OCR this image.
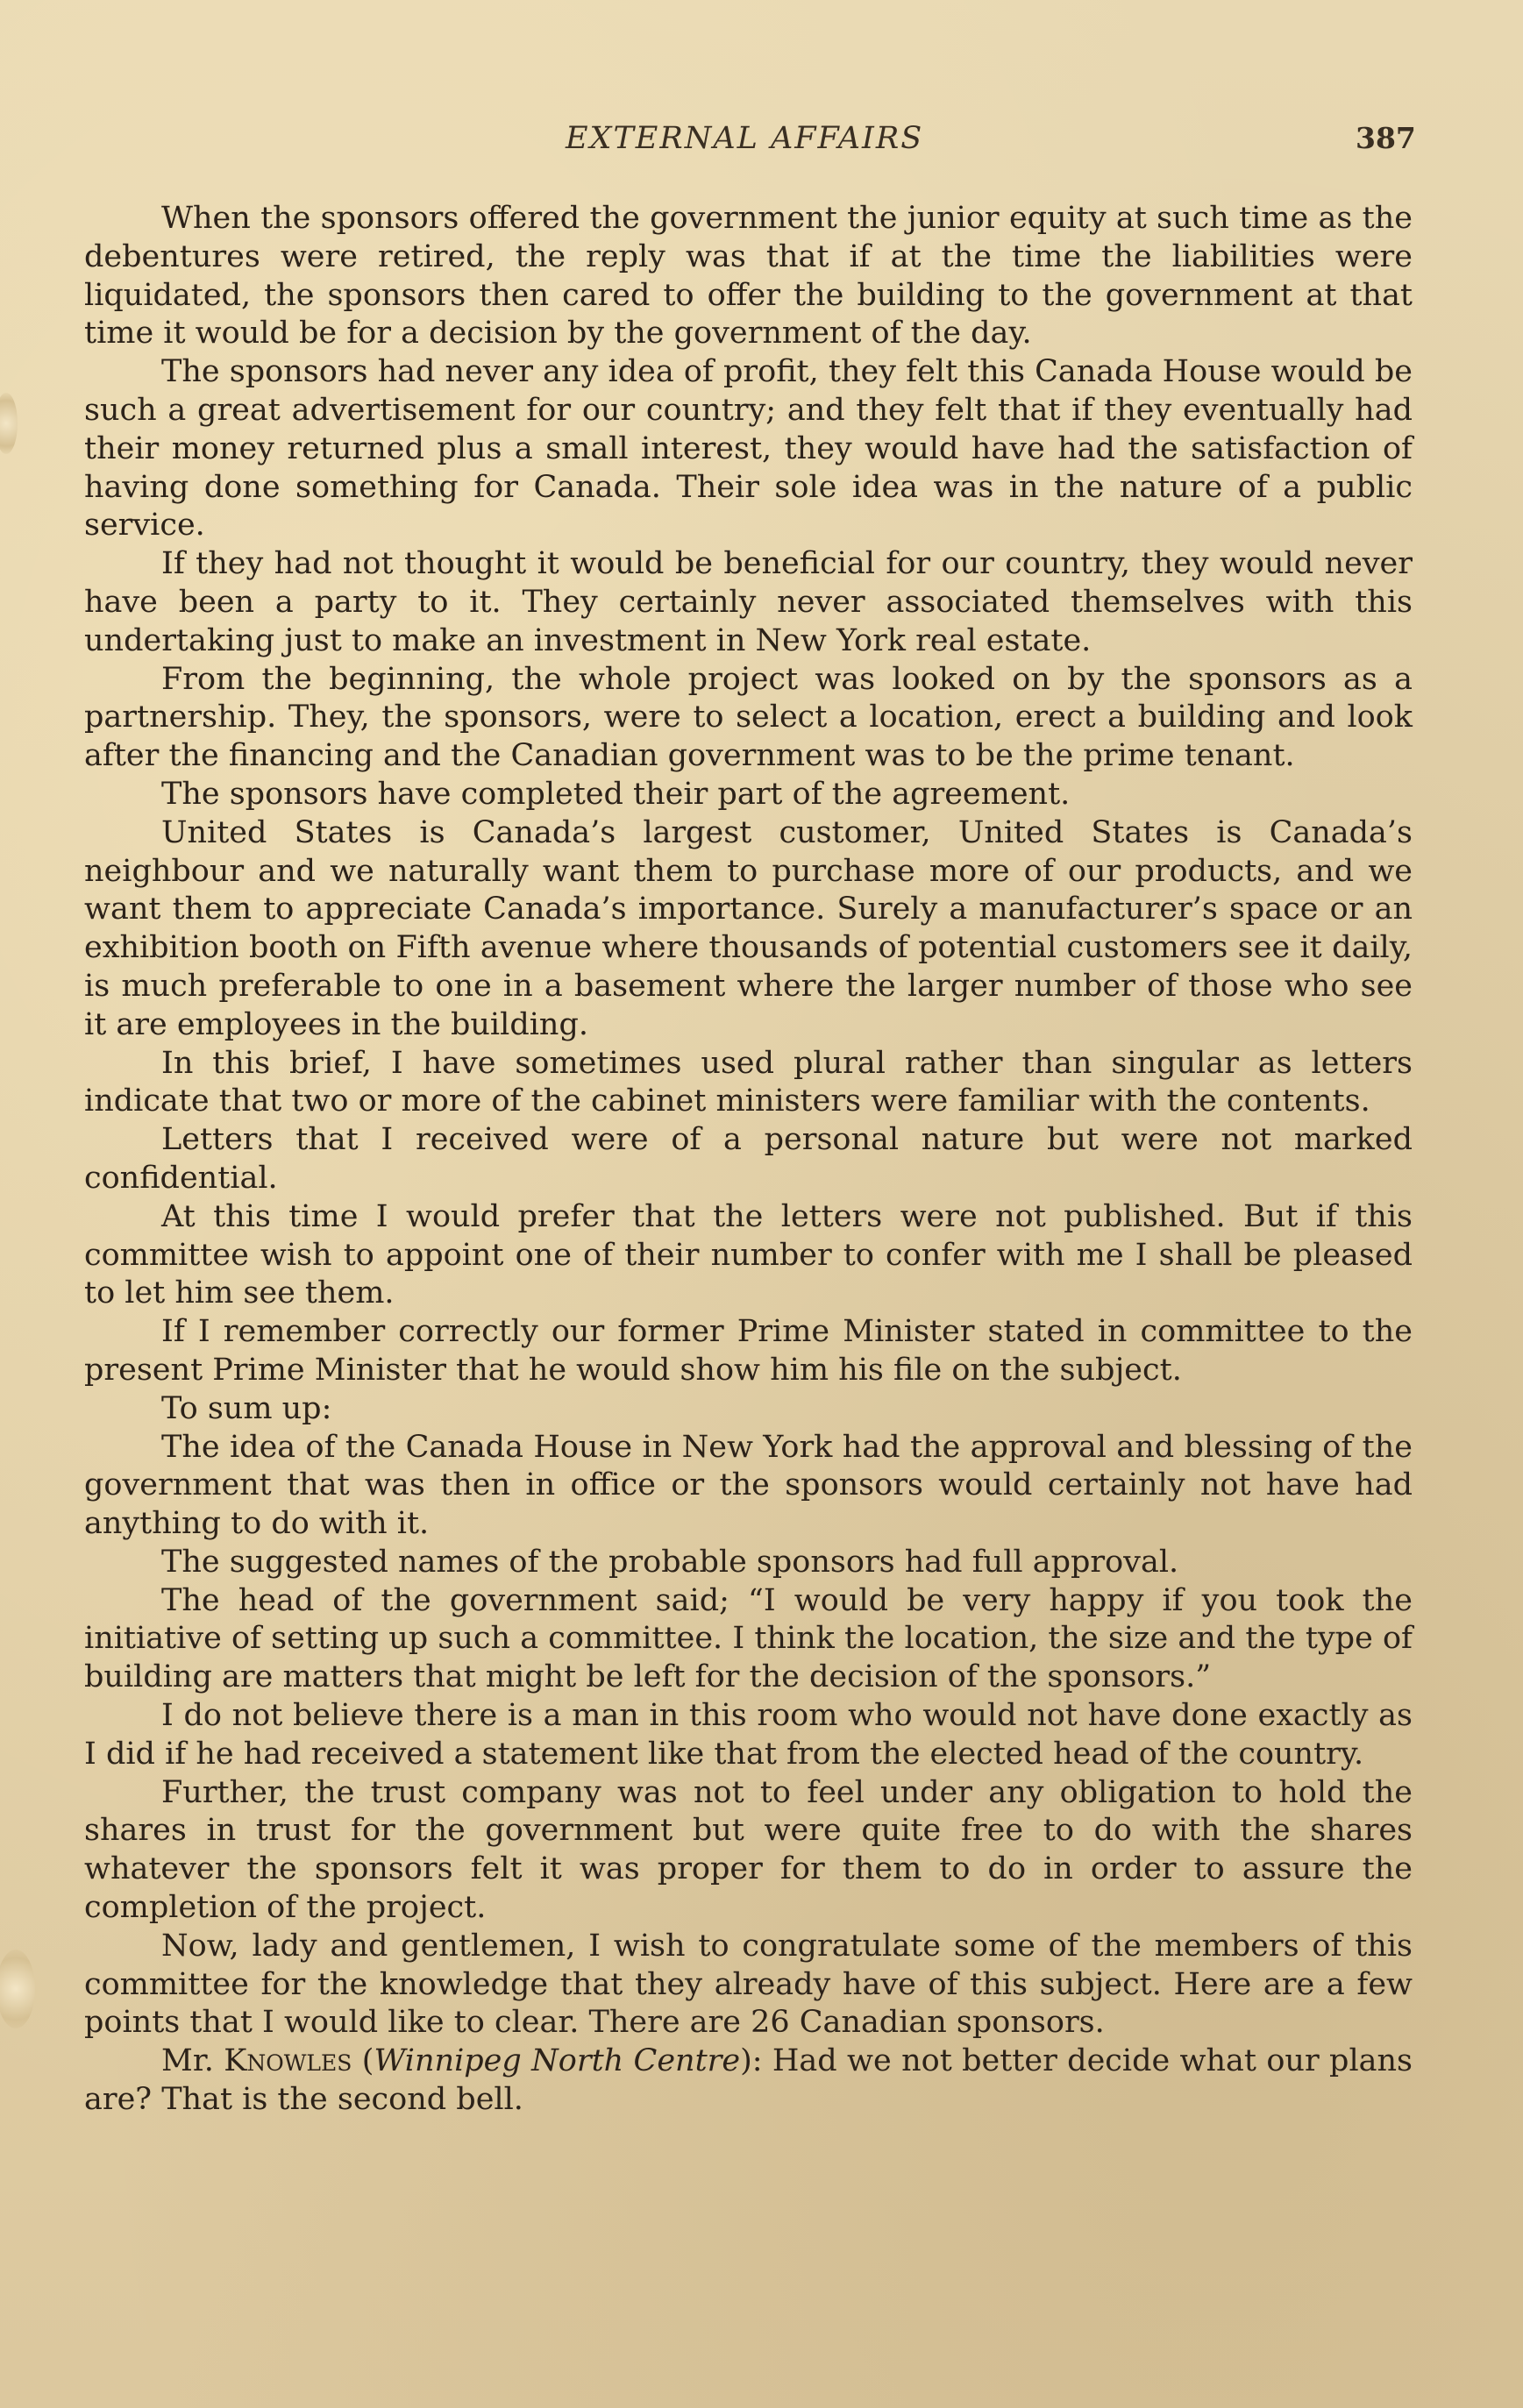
EXTERNAL AFFAIRS	387

When the sponsors offered the government the junior equity at such time as the debentures were retired, the reply was that if at the time the liabilities were liquidated, the sponsors then cared to offer the building to the government at that time it would be for a decision by the government of the day.

The sponsors had never any idea of profit, they felt this Canada House would be such a great advertisement for our country; and they felt that if they eventually had their money returned plus a small interest, they would have had the satisfaction of having done something for Canada. Their sole idea was in the nature of a public service.

If they had not thought it would be beneficial for our country, they would never have been a party to it. They certainly never associated themselves with this undertaking just to make an investment in New York real estate.

From the beginning, the whole project was looked on by the sponsors as a partnership. They, the sponsors, were to select a location, erect a building and look after the financing and the Canadian government was to be the prime tenant.

The sponsors have completed their part of the agreement.

United States is Canada’s largest customer, United States is Canada’s neighbour and we naturally want them to purchase more of our products, and we want them to appreciate Canada’s importance. Surely a manufacturer’s space or an exhibition booth on Fifth avenue where thousands of potential customers see it daily, is much preferable to one in a basement where the larger number of those who see it are employees in the building.

In this brief, I have sometimes used plural rather than singular as letters indicate that two or more of the cabinet ministers were familiar with the contents.

Letters that I received were of a personal nature but were not marked confidential.

At this time I would prefer that the letters were not published. But if this committee wish to appoint one of their number to confer with me I shall be pleased to let him see them.

If I remember correctly our former Prime Minister stated in committee to the present Prime Minister that he would show him his file on the subject.

To sum up:

The idea of the Canada House in New York had the approval and blessing of the government that was then in office or the sponsors would certainly not have had anything to do with it.

The suggested names of the probable sponsors had full approval.

The head of the government said; “I would be very happy if you took the initiative of setting up such a committee. I think the location, the size and the type of building are matters that might be left for the decision of the sponsors.”

I do not believe there is a man in this room who would not have done exactly as I did if he had received a statement like that from the elected head of the country.

Further, the trust company was not to feel under any obligation to hold the shares in trust for the government but were quite free to do with the shares whatever the sponsors felt it was proper for them to do in order to assure the completion of the project.

Now, lady and gentlemen, I wish to congratulate some of the members of this committee for the knowledge that they already have of this subject. Here are a few points that I would like to clear. There are 26 Canadian sponsors.

Mr. Knowles (Winnipeg North Centre): Had we not better decide what our plans are? That is the second bell.
